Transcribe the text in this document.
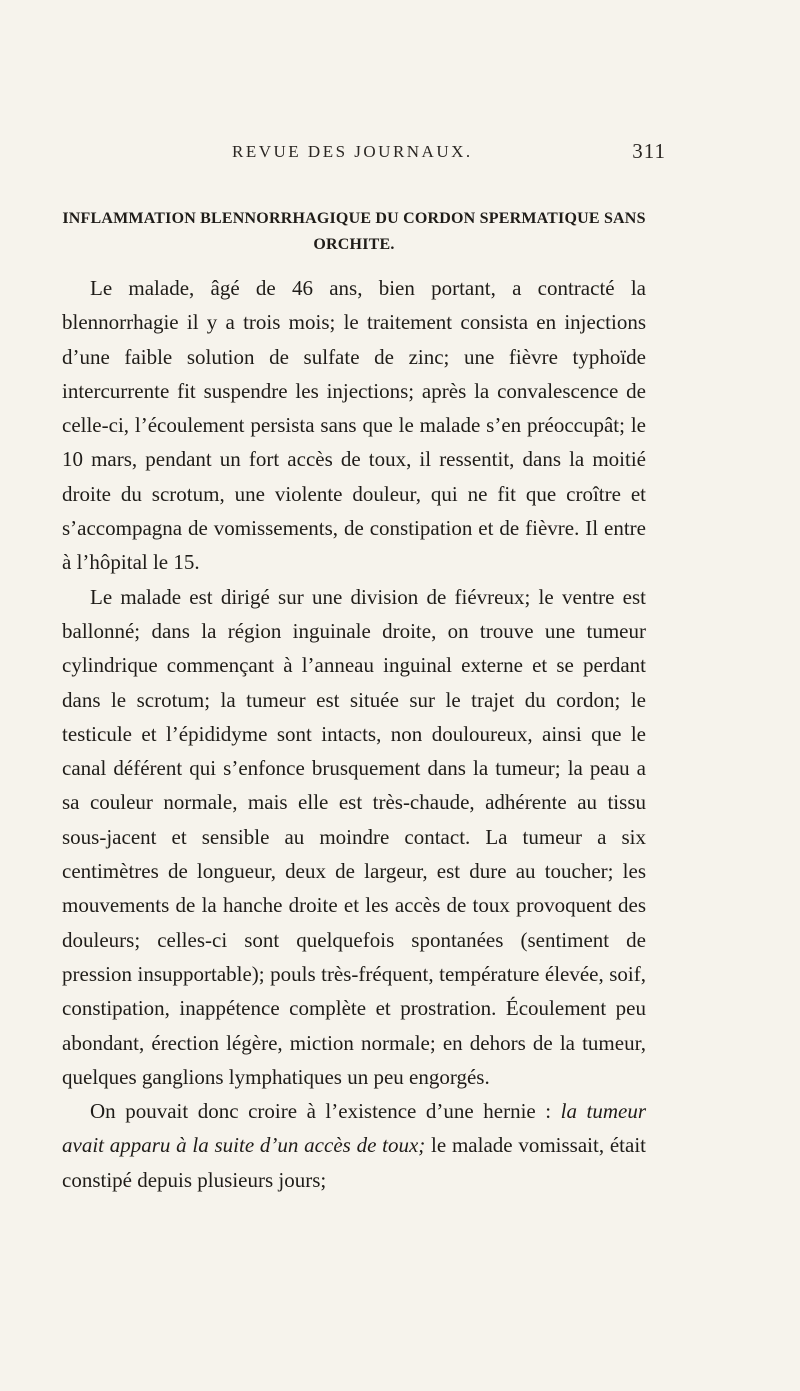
REVUE DES JOURNAUX.	311
INFLAMMATION BLENNORRHAGIQUE DU CORDON SPERMATIQUE SANS
ORCHITE.

Le malade, âgé de 46 ans, bien portant, a contracté la blennorrhagie il y a trois mois; le traitement consista en injections d’une faible solution de sulfate de zinc; une fièvre typhoïde intercurrente fit suspendre les injections; après la convalescence de celle-ci, l’écoulement persista sans que le malade s’en préoccupât; le 10 mars, pendant un fort accès de toux, il ressentit, dans la moitié droite du scrotum, une violente douleur, qui ne fit que croître et s’accompagna de vomissements, de constipation et de fièvre. Il entre à l’hôpital le 15.

Le malade est dirigé sur une division de fiévreux; le ventre est ballonné; dans la région inguinale droite, on trouve une tumeur cylindrique commençant à l’anneau inguinal externe et se perdant dans le scrotum; la tumeur est située sur le trajet du cordon; le testicule et l’épididyme sont intacts, non douloureux, ainsi que le canal déférent qui s’enfonce brusquement dans la tumeur; la peau a sa couleur normale, mais elle est très-chaude, adhérente au tissu sous-jacent et sensible au moindre contact. La tumeur a six centimètres de longueur, deux de largeur, est dure au toucher; les mouvements de la hanche droite et les accès de toux provoquent des douleurs; celles-ci sont quelquefois spontanées (sentiment de pression insupportable); pouls très-fréquent, température élevée, soif, constipation, inappétence complète et prostration. Écoulement peu abondant, érection légère, miction normale; en dehors de la tumeur, quelques ganglions lymphatiques un peu engorgés.

On pouvait donc croire à l’existence d’une hernie : la tumeur avait apparu à la suite d’un accès de toux; le malade vomissait, était constipé depuis plusieurs jours;
